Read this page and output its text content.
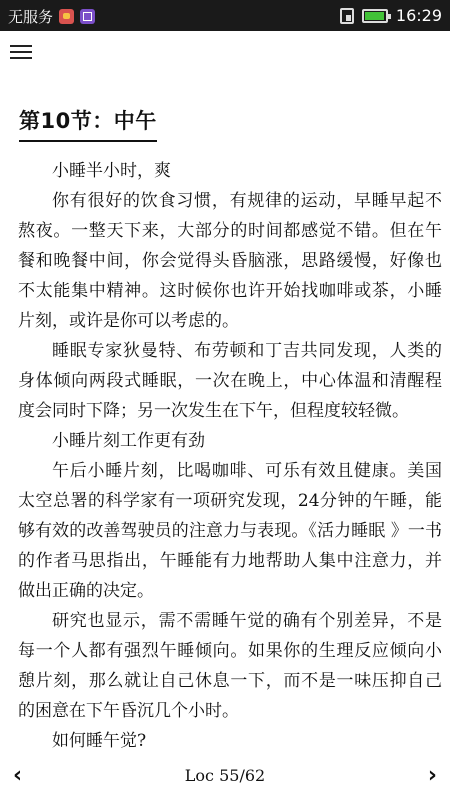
无服务	16:29
第10节：中午

小睡半小时，爽

你有很好的饮食习惯，有规律的运动，早睡早起不熬夜。一整天下来，大部分的时间都感觉不错。但在午餐和晚餐中间，你会觉得头昏脑涨，思路缓慢，好像也不太能集中精神。这时候你也许开始找咖啡或茶，小睡片刻，或许是你可以考虑的。

睡眠专家狄曼特、布劳顿和丁吉共同发现，人类的身体倾向两段式睡眠，一次在晚上，中心体温和清醒程度会同时下降；另一次发生在下午，但程度较轻微。

小睡片刻工作更有劲

午后小睡片刻，比喝咖啡、可乐有效且健康。美国太空总署的科学家有一项研究发现，24分钟的午睡，能够有效的改善驾驶员的注意力与表现。《活力睡眠 》一书的作者马思指出，午睡能有力地帮助人集中注意力，并做出正确的决定。

研究也显示，需不需睡午觉的确有个别差异，不是每一个人都有强烈午睡倾向。如果你的生理反应倾向小憩片刻，那么就让自己休息一下，而不是一味压抑自己的困意在下午昏沉几个小时。

如何睡午觉?

‹	Loc 55/62	›
